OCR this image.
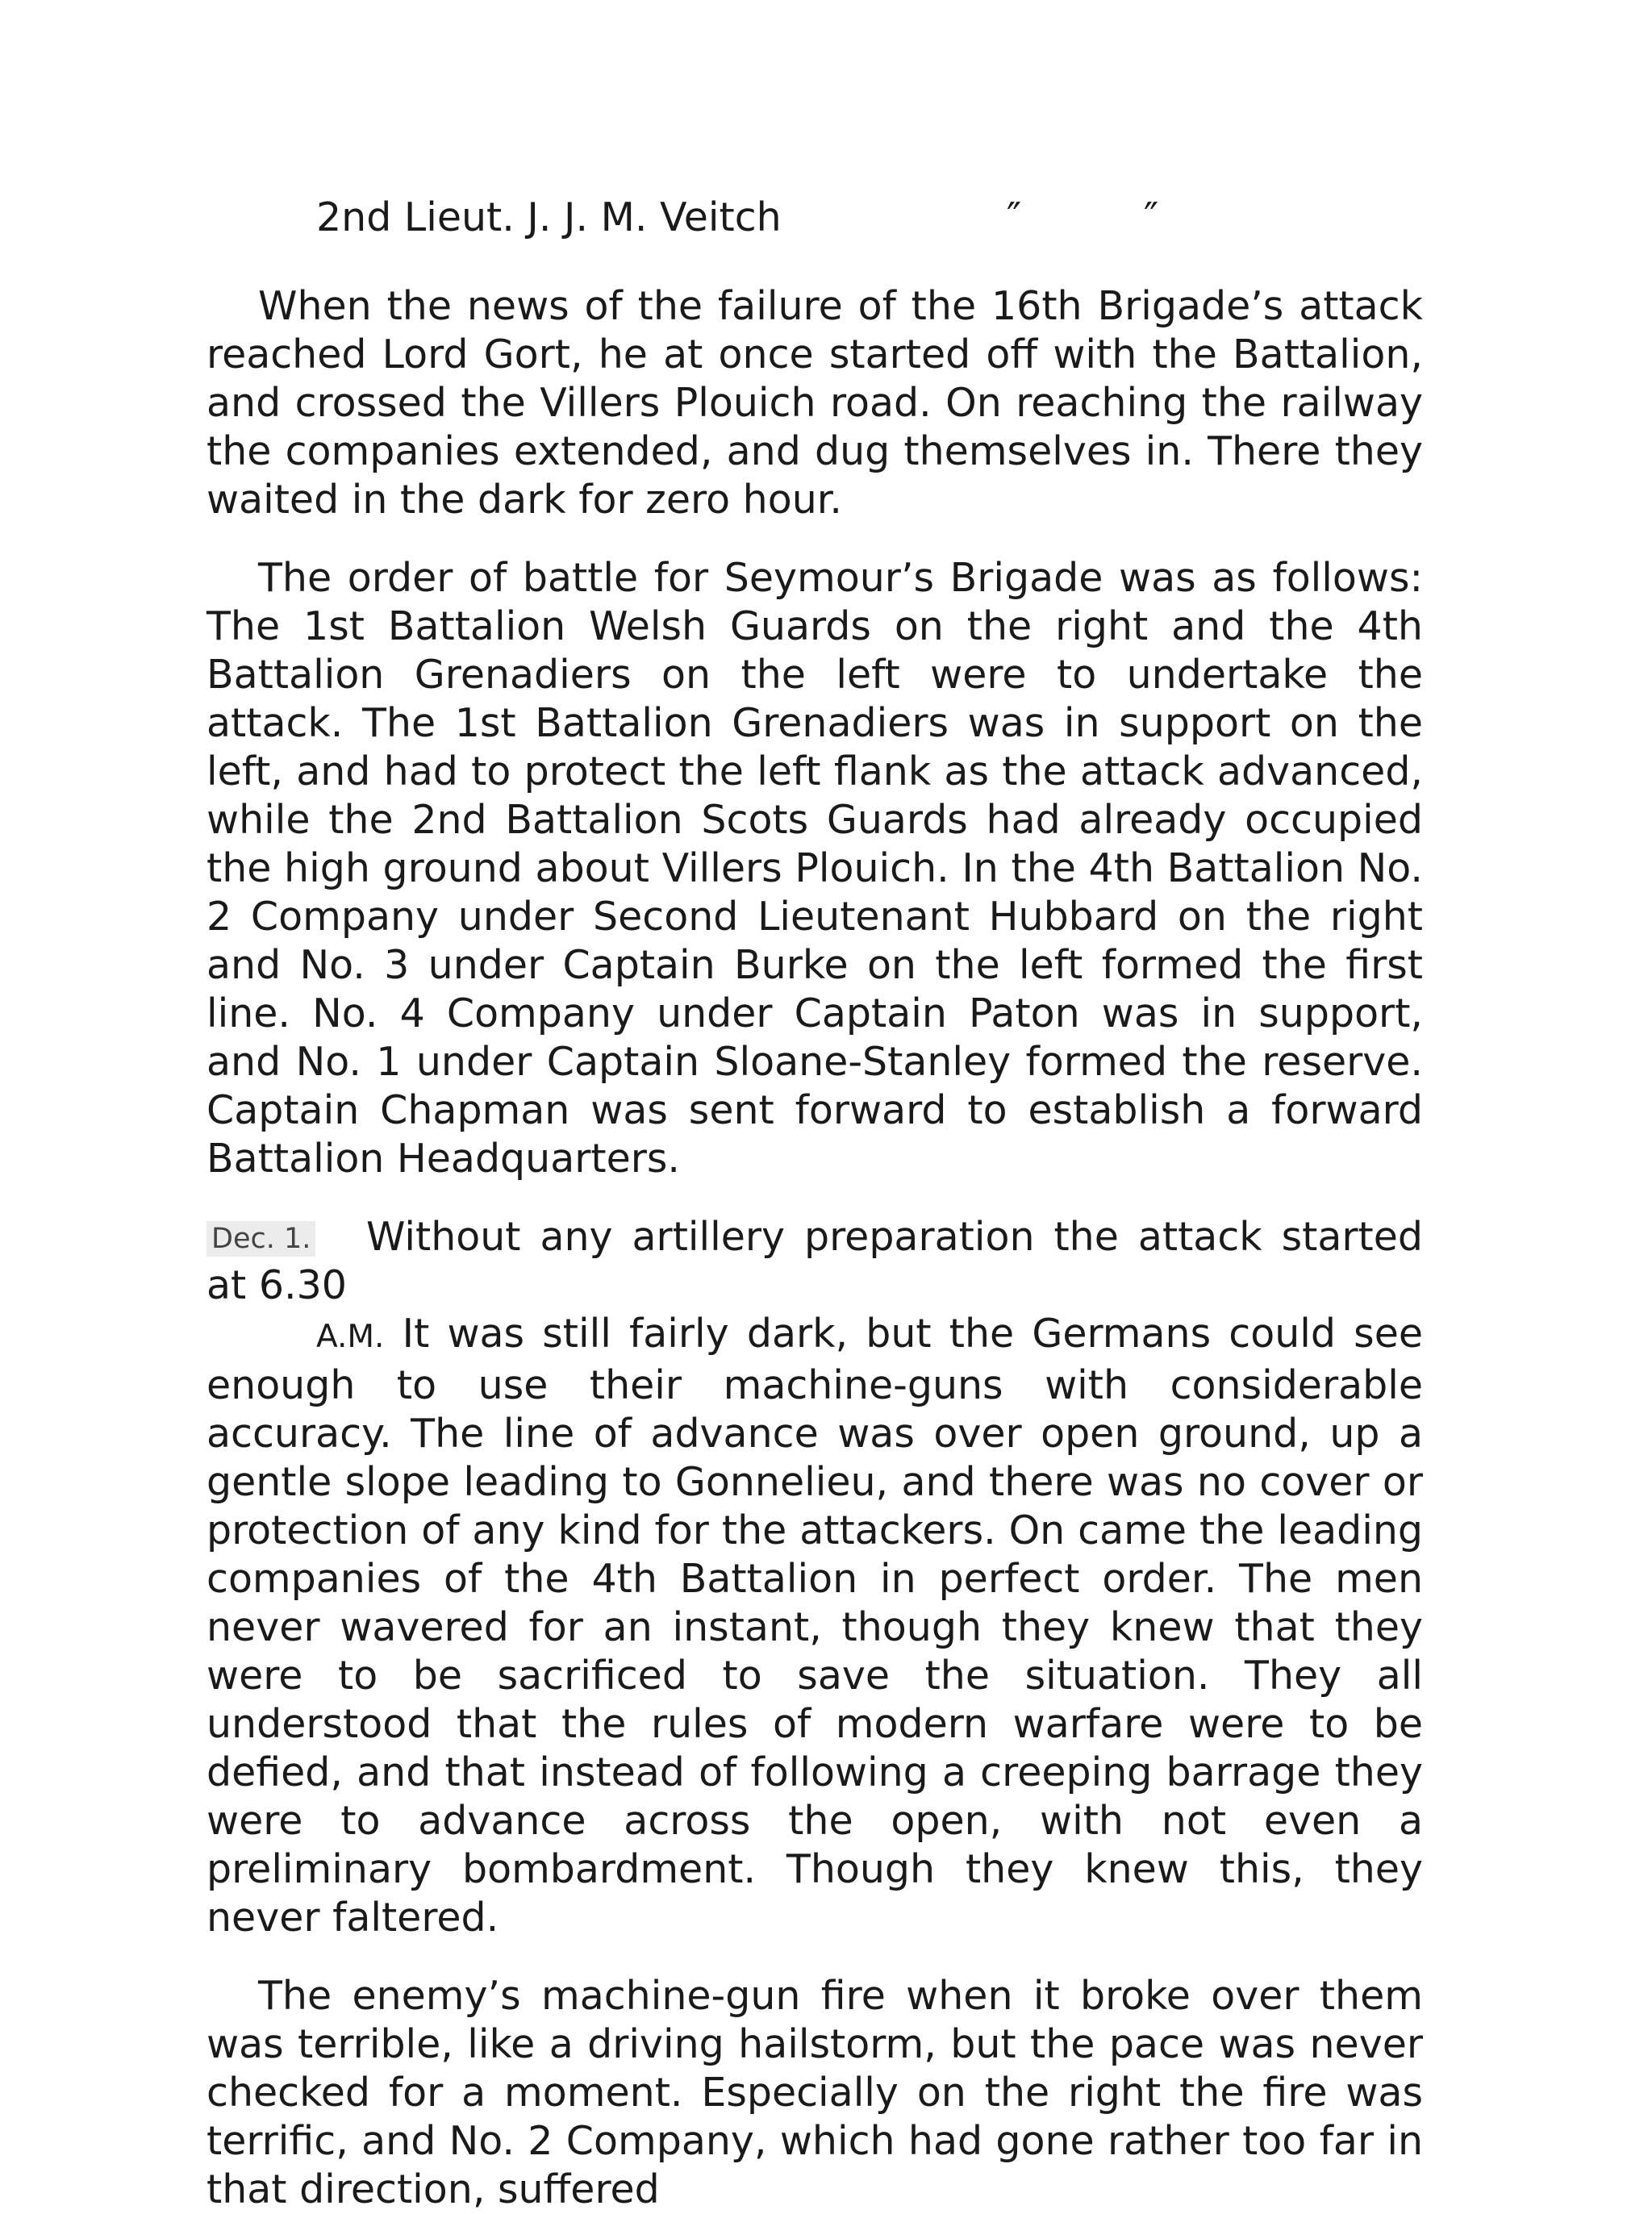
2nd Lieut. J. J. M. Veitch	″	″

When the news of the failure of the 16th Brigade’s attack reached Lord Gort, he at once started off with the Battalion, and crossed the Villers Plouich road. On reaching the railway the companies extended, and dug themselves in. There they waited in the dark for zero hour.

The order of battle for Seymour’s Brigade was as follows: The 1st Battalion Welsh Guards on the right and the 4th Battalion Grenadiers on the left were to undertake the attack. The 1st Battalion Grenadiers was in support on the left, and had to protect the left flank as the attack advanced, while the 2nd Battalion Scots Guards had already occupied the high ground about Villers Plouich. In the 4th Battalion No. 2 Company under Second Lieutenant Hubbard on the right and No. 3 under Captain Burke on the left formed the first line. No. 4 Company under Captain Paton was in support, and No. 1 under Captain Sloane-Stanley formed the reserve. Captain Chapman was sent forward to establish a forward Battalion Headquarters.

Dec. 1. Without any artillery preparation the attack started at 6.30
A.M. It was still fairly dark, but the Germans could see enough to use their machine-guns with considerable accuracy. The line of advance was over open ground, up a gentle slope leading to Gonnelieu, and there was no cover or protection of any kind for the attackers. On came the leading companies of the 4th Battalion in perfect order. The men never wavered for an instant, though they knew that they were to be sacrificed to save the situation. They all understood that the rules of modern warfare were to be defied, and that instead of following a creeping barrage they were to advance across the open, with not even a preliminary bombardment. Though they knew this, they never faltered.

The enemy’s machine-gun fire when it broke over them was terrible, like a driving hailstorm, but the pace was never checked for a moment. Especially on the right the fire was terrific, and No. 2 Company, which had gone rather too far in that direction, suffered
